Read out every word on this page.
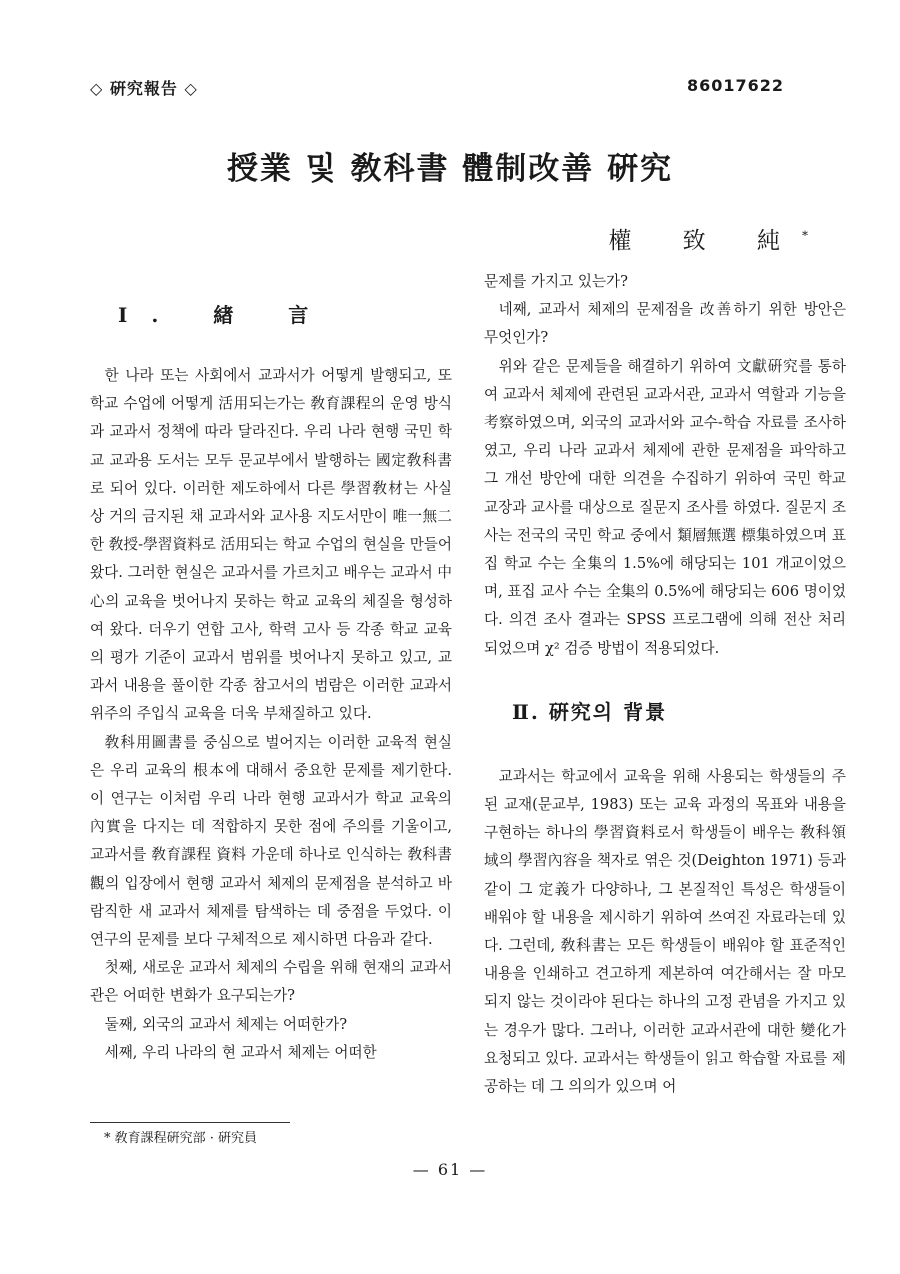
◇ 硏究報告 ◇	86017622
授業 및 敎科書 體制改善 硏究
權 致 純*
Ⅰ. 緖 言

한 나라 또는 사회에서 교과서가 어떻게 발행되고, 또 학교 수업에 어떻게 活用되는가는 敎育課程의 운영 방식과 교과서 정책에 따라 달라진다. 우리 나라 현행 국민 학교 교과용 도서는 모두 문교부에서 발행하는 國定敎科書로 되어 있다. 이러한 제도하에서 다른 學習敎材는 사실상 거의 금지된 채 교과서와 교사용 지도서만이 唯一無二한 敎授-學習資料로 活用되는 학교 수업의 현실을 만들어 왔다. 그러한 현실은 교과서를 가르치고 배우는 교과서 中心의 교육을 벗어나지 못하는 학교 교육의 체질을 형성하여 왔다. 더우기 연합 고사, 학력 고사 등 각종 학교 교육의 평가 기준이 교과서 범위를 벗어나지 못하고 있고, 교과서 내용을 풀이한 각종 참고서의 범람은 이러한 교과서 위주의 주입식 교육을 더욱 부채질하고 있다.

敎科用圖書를 중심으로 벌어지는 이러한 교육적 현실은 우리 교육의 根本에 대해서 중요한 문제를 제기한다. 이 연구는 이처럼 우리 나라 현행 교과서가 학교 교육의 內實을 다지는 데 적합하지 못한 점에 주의를 기울이고, 교과서를 敎育課程 資料 가운데 하나로 인식하는 敎科書觀의 입장에서 현행 교과서 체제의 문제점을 분석하고 바람직한 새 교과서 체제를 탐색하는 데 중점을 두었다. 이 연구의 문제를 보다 구체적으로 제시하면 다음과 같다.

첫째, 새로운 교과서 체제의 수립을 위해 현재의 교과서관은 어떠한 변화가 요구되는가?

둘째, 외국의 교과서 체제는 어떠한가?

세째, 우리 나라의 현 교과서 체제는 어떠한

문제를 가지고 있는가?

네째, 교과서 체제의 문제점을 改善하기 위한 방안은 무엇인가?

위와 같은 문제들을 해결하기 위하여 文獻硏究를 통하여 교과서 체제에 관련된 교과서관, 교과서 역할과 기능을 考察하였으며, 외국의 교과서와 교수-학습 자료를 조사하였고, 우리 나라 교과서 체제에 관한 문제점을 파악하고 그 개선 방안에 대한 의견을 수집하기 위하여 국민 학교 교장과 교사를 대상으로 질문지 조사를 하였다. 질문지 조사는 전국의 국민 학교 중에서 類層無選 標集하였으며 표집 학교 수는 全集의 1.5%에 해당되는 101 개교이었으며, 표집 교사 수는 全集의 0.5%에 해당되는 606 명이었다. 의견 조사 결과는 SPSS 프로그램에 의해 전산 처리되었으며 χ² 검증 방법이 적용되었다.

Ⅱ. 硏究의 背景

교과서는 학교에서 교육을 위해 사용되는 학생들의 주된 교재(문교부, 1983) 또는 교육 과정의 목표와 내용을 구현하는 하나의 學習資料로서 학생들이 배우는 敎科領域의 學習內容을 책자로 엮은 것(Deighton 1971) 등과 같이 그 定義가 다양하나, 그 본질적인 특성은 학생들이 배워야 할 내용을 제시하기 위하여 쓰여진 자료라는데 있다. 그런데, 敎科書는 모든 학생들이 배워야 할 표준적인 내용을 인쇄하고 견고하게 제본하여 여간해서는 잘 마모되지 않는 것이라야 된다는 하나의 고정 관념을 가지고 있는 경우가 많다. 그러나, 이러한 교과서관에 대한 變化가 요청되고 있다. 교과서는 학생들이 읽고 학습할 자료를 제공하는 데 그 의의가 있으며 어

* 敎育課程硏究部 · 硏究員
— 61 —
